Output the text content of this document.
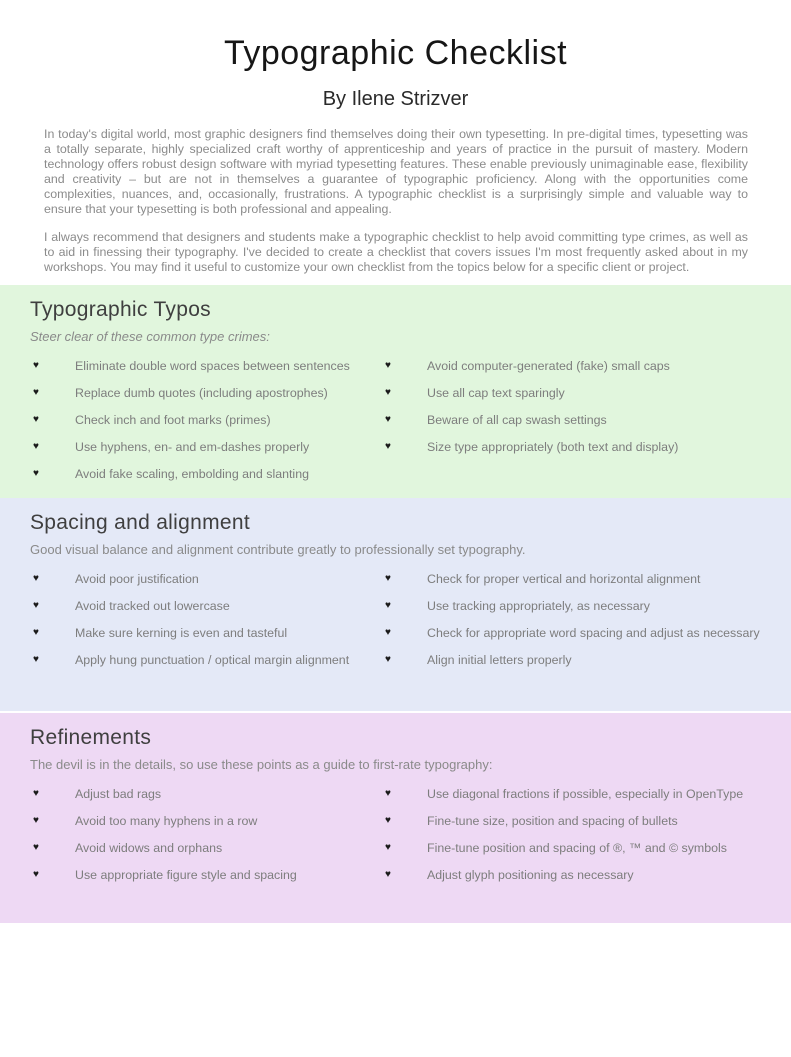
Typographic Checklist
By Ilene Strizver

In today's digital world, most graphic designers find themselves doing their own typesetting. In pre-digital times, typesetting was a totally separate, highly specialized craft worthy of apprenticeship and years of practice in the pursuit of mastery. Modern technology offers robust design software with myriad typesetting features. These enable previously unimaginable ease, flexibility and creativity – but are not in themselves a guarantee of typographic proficiency. Along with the opportunities come complexities, nuances, and, occasionally, frustrations. A typographic checklist is a surprisingly simple and valuable way to ensure that your typesetting is both professional and appealing.

I always recommend that designers and students make a typographic checklist to help avoid committing type crimes, as well as to aid in finessing their typography. I've decided to create a checklist that covers issues I'm most frequently asked about in my workshops. You may find it useful to customize your own checklist from the topics below for a specific client or project.

Typographic Typos
Steer clear of these common type crimes:
♥	Eliminate double word spaces between sentences
♥	Replace dumb quotes (including apostrophes)
♥	Check inch and foot marks (primes)
♥	Use hyphens, en- and em-dashes properly
♥	Avoid fake scaling, embolding and slanting
♥	Avoid computer-generated (fake) small caps
♥	Use all cap text sparingly
♥	Beware of all cap swash settings
♥	Size type appropriately (both text and display)
Spacing and alignment
Good visual balance and alignment contribute greatly to professionally set typography.
♥	Avoid poor justification
♥	Avoid tracked out lowercase
♥	Make sure kerning is even and tasteful
♥	Apply hung punctuation / optical margin alignment
♥	Check for proper vertical and horizontal alignment
♥	Use tracking appropriately, as necessary
♥	Check for appropriate word spacing and adjust as necessary
♥	Align initial letters properly
Refinements
The devil is in the details, so use these points as a guide to first-rate typography:
♥	Adjust bad rags
♥	Avoid too many hyphens in a row
♥	Avoid widows and orphans
♥	Use appropriate figure style and spacing
♥	Use diagonal fractions if possible, especially in OpenType
♥	Fine-tune size, position and spacing of bullets
♥	Fine-tune position and spacing of ®, ™ and © symbols
♥	Adjust glyph positioning as necessary
